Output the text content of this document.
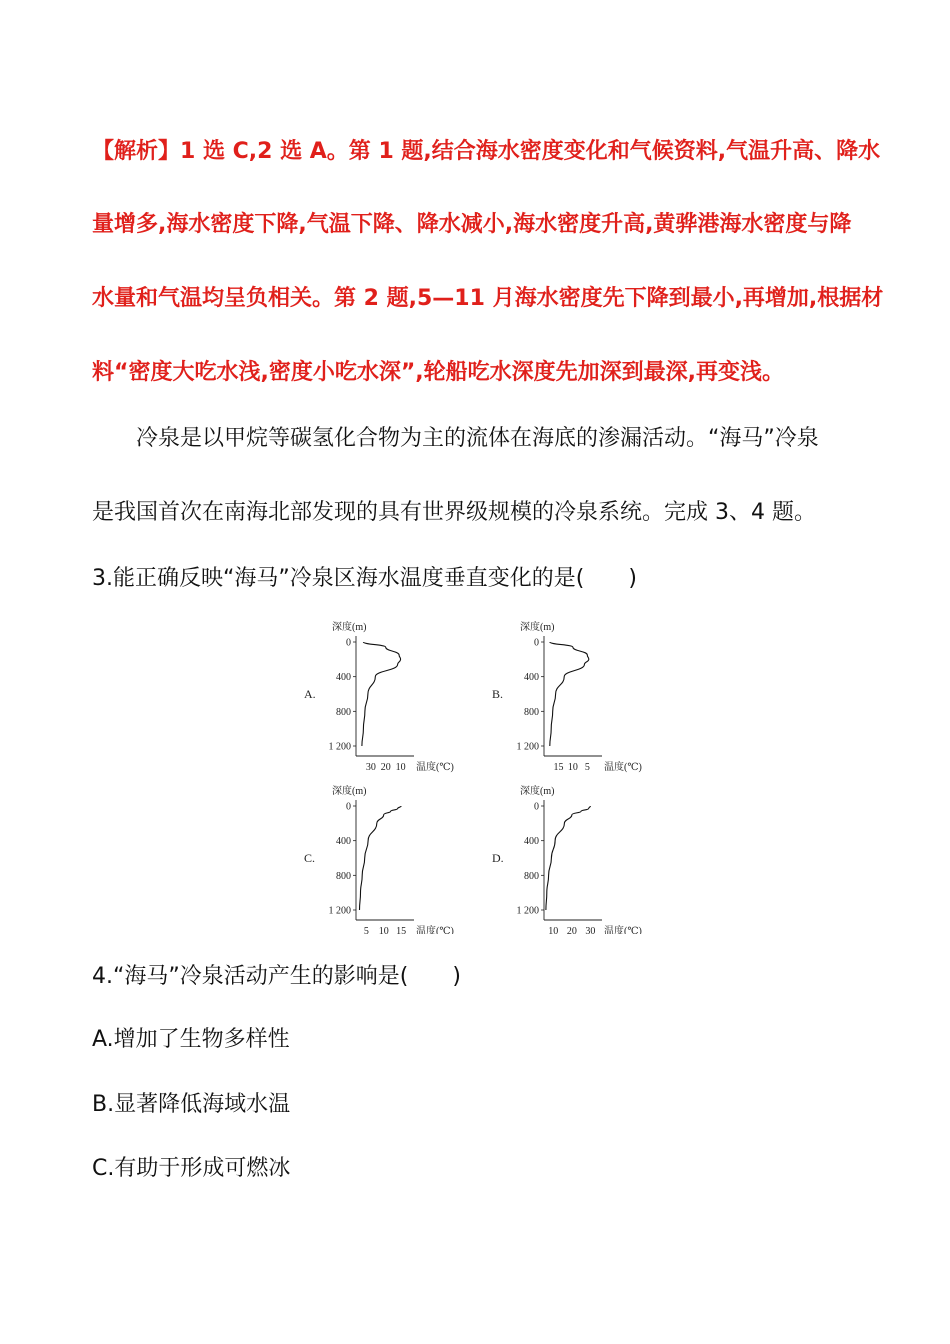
【解析】1 选 C,2 选 A。第 1 题,结合海水密度变化和气候资料,气温升高、降水
量增多,海水密度下降,气温下降、降水减小,海水密度升高,黄骅港海水密度与降
水量和气温均呈负相关。第 2 题,5—11 月海水密度先下降到最小,再增加,根据材
料“密度大吃水浅,密度小吃水深”,轮船吃水深度先加深到最深,再变浅。
冷泉是以甲烷等碳氢化合物为主的流体在海底的渗漏活动。“海马”冷泉
是我国首次在南海北部发现的具有世界级规模的冷泉系统。完成 3、4 题。
3.能正确反映“海马”冷泉区海水温度垂直变化的是(　　)
深度(m)
0
400
800
1 200
30 20 10 温度(℃)
A.
深度(m)
0
400
800
1 200
15 10 5 温度(℃)
B.
深度(m)
0
400
800
1 200
5 10 15 温度(℃)
C.
深度(m)
0
400
800
1 200
10 20 30 温度(℃)
D.
4.“海马”冷泉活动产生的影响是(　　)
A.增加了生物多样性
B.显著降低海域水温
C.有助于形成可燃冰
